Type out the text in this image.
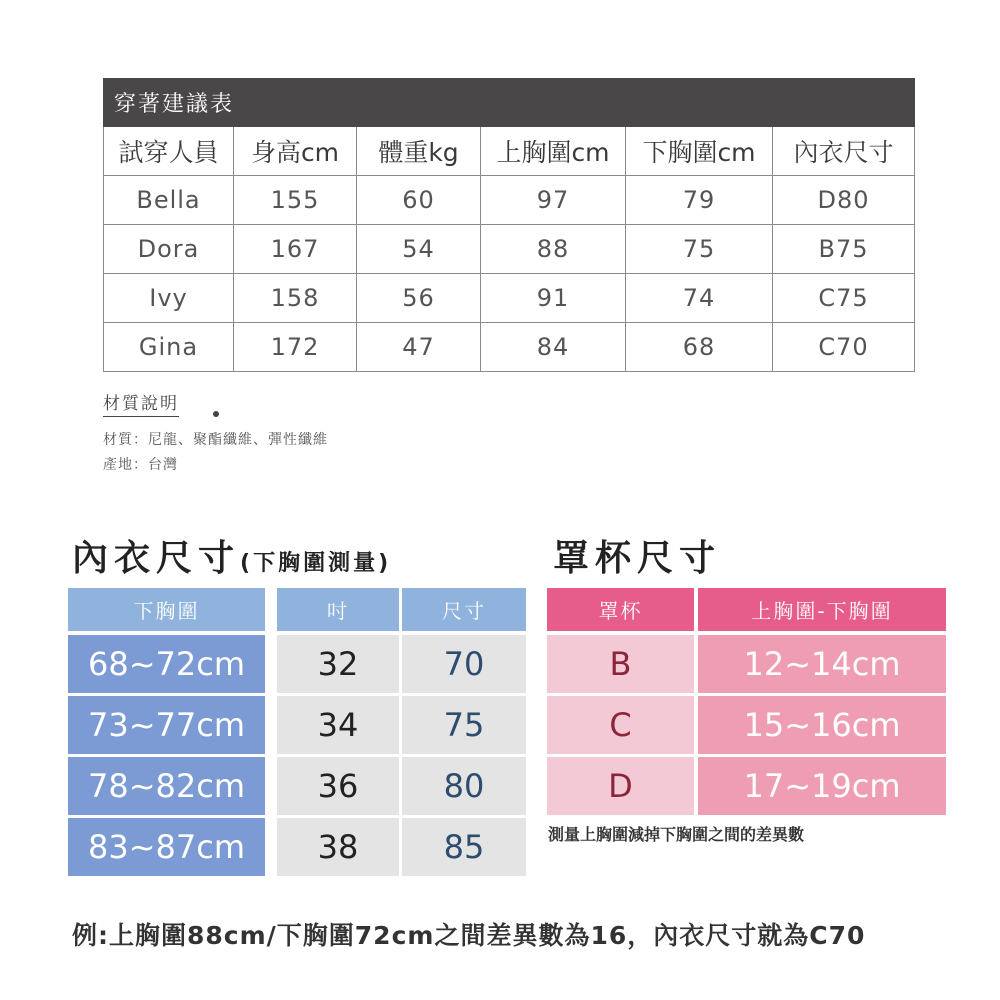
穿著建議表					
試穿人員	身高cm	體重kg	上胸圍cm	下胸圍cm	內衣尺寸
Bella	155	60	97	79	D80
Dora	167	54	88	75	B75
Ivy	158	56	91	74	C75
Gina	172	47	84	68	C70
材質說明
材質：尼龍、聚酯纖維、彈性纖維
產地：台灣
內衣尺寸(下胸圍測量)	罩杯尺寸
下胸圍	吋	尺寸
68~72cm	32	70
73~77cm	34	75
78~82cm	36	80
83~87cm	38	85
罩杯	上胸圍-下胸圍
B	12~14cm
C	15~16cm
D	17~19cm
測量上胸圍減掉下胸圍之間的差異數
例:上胸圍88cm/下胸圍72cm之間差異數為16，內衣尺寸就為C70
